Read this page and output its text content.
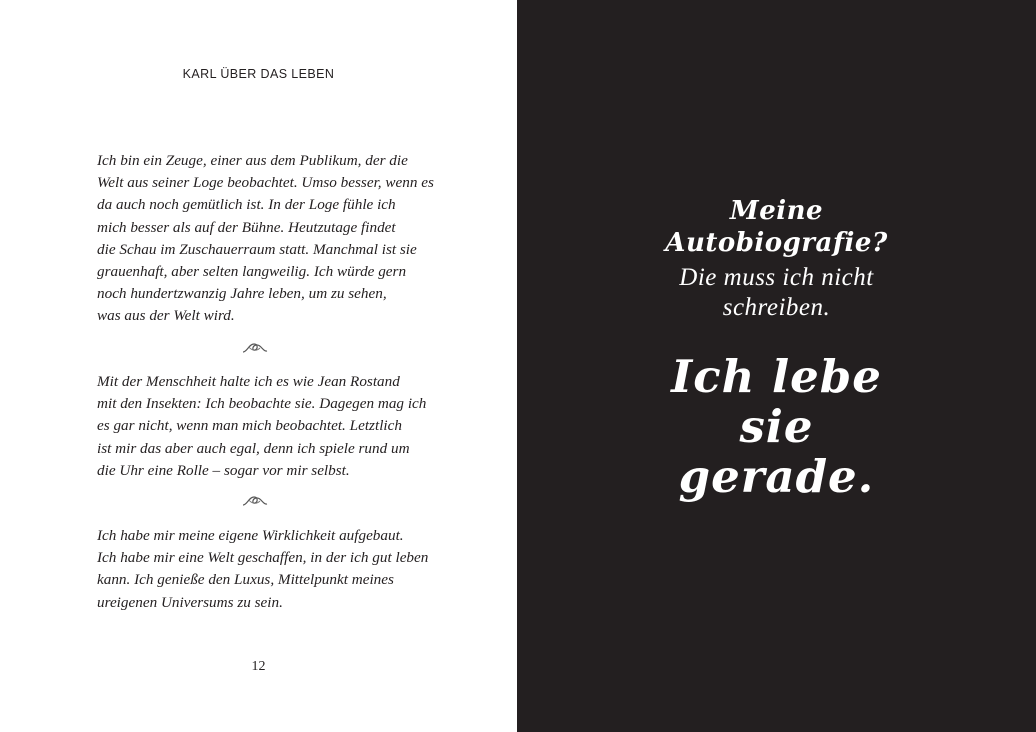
KARL ÜBER DAS LEBEN
Ich bin ein Zeuge, einer aus dem Publikum, der die
Welt aus seiner Loge beobachtet. Umso besser, wenn es
da auch noch gemütlich ist. In der Loge fühle ich
mich besser als auf der Bühne. Heutzutage findet
die Schau im Zuschauerraum statt. Manchmal ist sie
grauenhaft, aber selten langweilig. Ich würde gern
noch hundertzwanzig Jahre leben, um zu sehen,
was aus der Welt wird.
Mit der Menschheit halte ich es wie Jean Rostand
mit den Insekten: Ich beobachte sie. Dagegen mag ich
es gar nicht, wenn man mich beobachtet. Letztlich
ist mir das aber auch egal, denn ich spiele rund um
die Uhr eine Rolle – sogar vor mir selbst.
Ich habe mir meine eigene Wirklichkeit aufgebaut.
Ich habe mir eine Welt geschaffen, in der ich gut leben
kann. Ich genieße den Luxus, Mittelpunkt meines
ureigenen Universums zu sein.
12
Meine
Autobiografie?
Die muss ich nicht
schreiben.
Ich lebe
sie
gerade.
